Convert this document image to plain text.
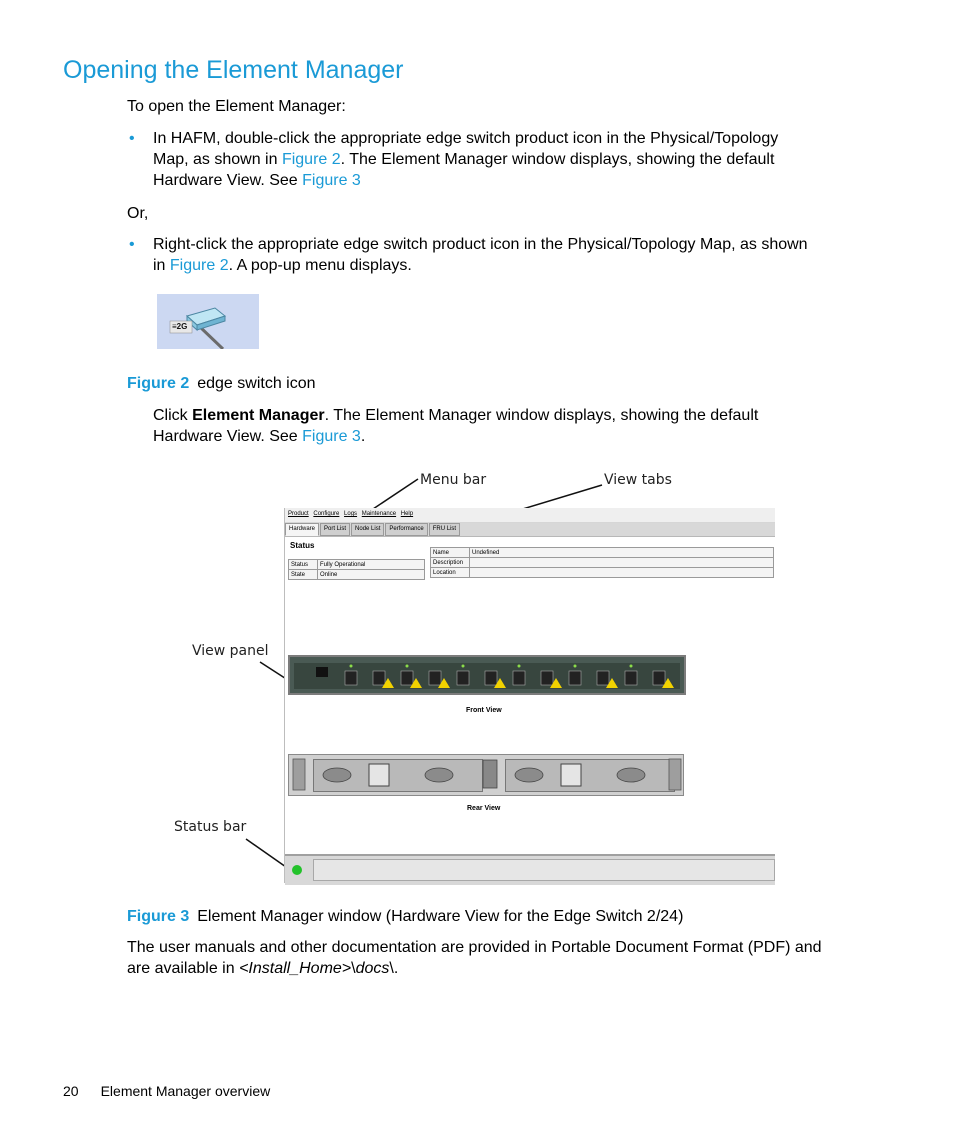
Opening the Element Manager
To open the Element Manager:
• In HAFM, double-click the appropriate edge switch product icon in the Physical/Topology
Map, as shown in Figure 2. The Element Manager window displays, showing the default
Hardware View. See Figure 3
Or,
• Right-click the appropriate edge switch product icon in the Physical/Topology Map, as shown
in Figure 2. A pop-up menu displays.
≡2G
Figure 2 edge switch icon
Click Element Manager. The Element Manager window displays, showing the default
Hardware View. See Figure 3.
Menu bar	View tabs
View panel
Status bar
Product Configure Logs Maintenance Help
Hardware Port List Node List Performance FRU List
Status
Status	Fully Operational
State	Online
Name	Undefined
Description	
Location	
Front View
Rear View
Figure 3 Element Manager window (Hardware View for the Edge Switch 2/24)
The user manuals and other documentation are provided in Portable Document Format (PDF) and
are available in <Install_Home>\docs\.
20 Element Manager overview
